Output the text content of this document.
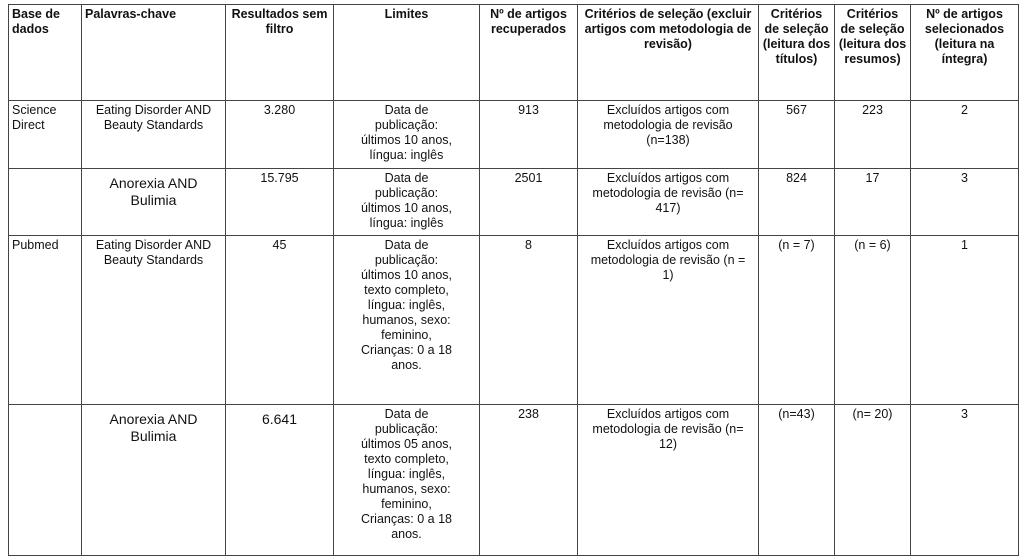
Base de dados	Palavras-chave	Resultados sem filtro	Limites	Nº de artigos recuperados	Critérios de seleção (excluir artigos com metodologia de revisão)	Critérios de seleção (leitura dos títulos)	Critérios de seleção (leitura dos resumos)	Nº de artigos selecionados (leitura na íntegra)
Science Direct	Eating Disorder AND Beauty Standards	3.280	Data de publicação: últimos 10 anos, língua: inglês	913	Excluídos artigos com metodologia de revisão (n=138)	567	223	2
	Anorexia AND Bulimia	15.795	Data de publicação: últimos 10 anos, língua: inglês	2501	Excluídos artigos com metodologia de revisão (n= 417)	824	17	3
Pubmed	Eating Disorder AND Beauty Standards	45	Data de publicação: últimos 10 anos, texto completo, língua: inglês, humanos, sexo: feminino, Crianças: 0 a 18 anos.	8	Excluídos artigos com metodologia de revisão (n = 1)	(n = 7)	(n = 6)	1
	Anorexia AND Bulimia	6.641	Data de publicação: últimos 05 anos, texto completo, língua: inglês, humanos, sexo: feminino, Crianças: 0 a 18 anos.	238	Excluídos artigos com metodologia de revisão (n= 12)	(n=43)	(n= 20)	3
